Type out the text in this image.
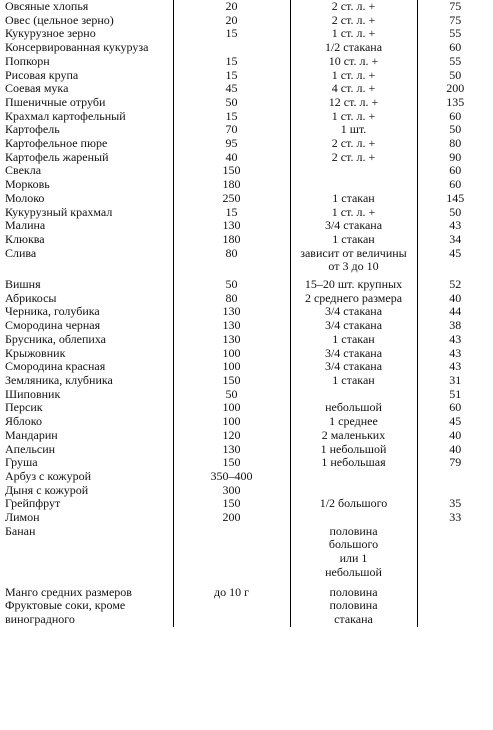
Овсяные хлопья	20	2 ст. л. +	75
Овес (цельное зерно)	20	2 ст. л. +	75
Кукурузное зерно	15	1 ст. л. +	55
Консервированная кукуруза		1/2 стакана	60
Попкорн	15	10 ст. л. +	55
Рисовая крупа	15	1 ст. л. +	50
Соевая мука	45	4 ст. л. +	200
Пшеничные отруби	50	12 ст. л. +	135
Крахмал картофельный	15	1 ст. л. +	60
Картофель	70	1 шт.	50
Картофельное пюре	95	2 ст. л. +	80
Картофель жареный	40	2 ст. л. +	90
Свекла	150		60
Морковь	180		60
Молоко	250	1 стакан	145
Кукурузный крахмал	15	1 ст. л. +	50
Малина	130	3/4 стакана	43
Клюква	180	1 стакан	34
Слива	80	зависит от величины от 3 до 10	45
Вишня	50	15–20 шт. крупных	52
Абрикосы	80	2 среднего размера	40
Черника, голубика	130	3/4 стакана	44
Смородина черная	130	3/4 стакана	38
Брусника, облепиха	130	1 стакан	43
Крыжовник	100	3/4 стакана	43
Смородина красная	100	3/4 стакана	43
Земляника, клубника	150	1 стакан	31
Шиповник	50		51
Персик	100	небольшой	60
Яблоко	100	1 среднее	45
Мандарин	120	2 маленьких	40
Апельсин	130	1 небольшой	40
Груша	150	1 небольшая	79
Арбуз с кожурой	350–400		
Дыня с кожурой	300		
Грейпфрут	150	1/2 большого	35
Лимон	200		33
Банан		половина большого или 1 небольшой	
Манго средних размеров	до 10 г	половина	
Фруктовые соки, кроме виноградного		половина стакана	
